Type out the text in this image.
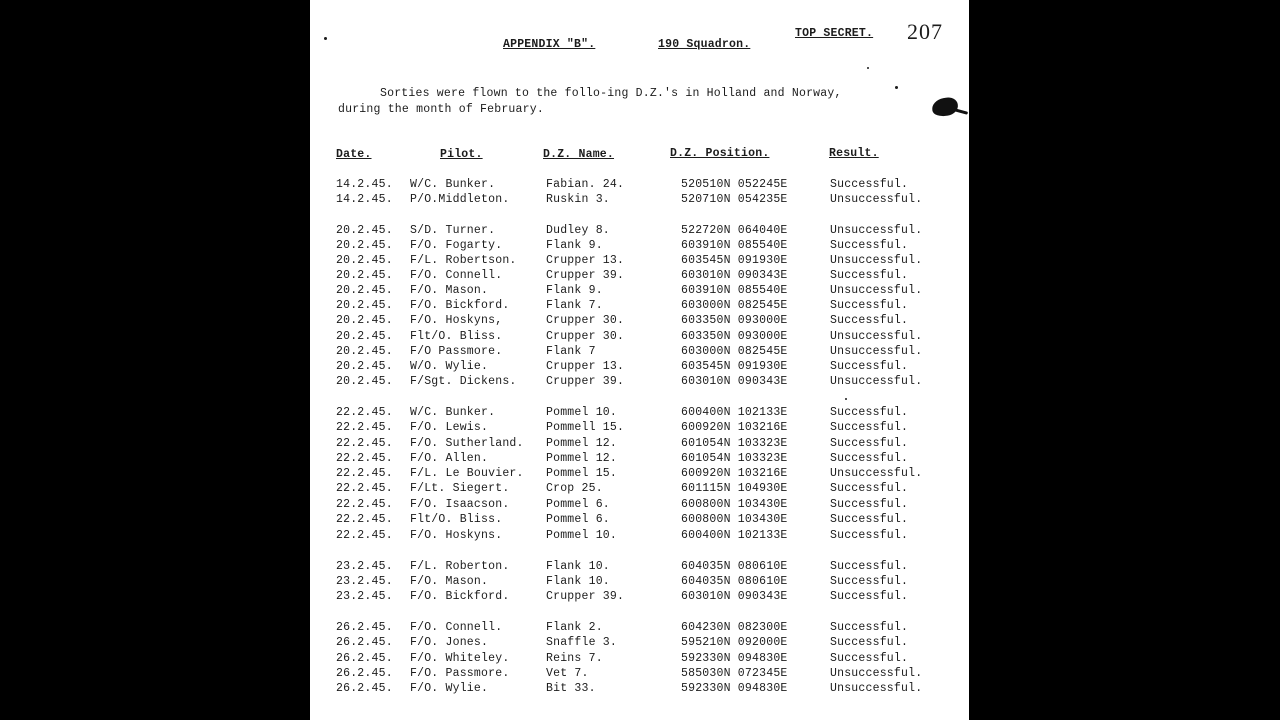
APPENDIX "B".	190 Squadron.
TOP SECRET. 207
Sorties were flown to the follo-ing D.Z.'s in Holland and Norway,
during the month of February.
Date.	Pilot.	D.Z. Name.	D.Z. Position.	Result.
14.2.45. W/C. Bunker.	Fabian. 24.	520510N 052245E	Successful.
14.2.45. P/O.Middleton.	Ruskin 3.	520710N 054235E	Unsuccessful.
20.2.45. S/D. Turner.	Dudley 8.	522720N 064040E	Unsuccessful.
20.2.45. F/O. Fogarty.	Flank 9.	603910N 085540E	Successful.
20.2.45. F/L. Robertson.	Crupper 13.	603545N 091930E	Unsuccessful.
20.2.45. F/O. Connell.	Crupper 39.	603010N 090343E	Successful.
20.2.45. F/O. Mason.	Flank 9.	603910N 085540E	Unsuccessful.
20.2.45. F/O. Bickford.	Flank 7.	603000N 082545E	Successful.
20.2.45. F/O. Hoskyns,	Crupper 30.	603350N 093000E	Successful.
20.2.45. Flt/O. Bliss.	Crupper 30.	603350N 093000E	Unsuccessful.
20.2.45. F/O Passmore.	Flank 7	603000N 082545E	Unsuccessful.
20.2.45. W/O. Wylie.	Crupper 13.	603545N 091930E	Successful.
20.2.45. F/Sgt. Dickens.	Crupper 39.	603010N 090343E	Unsuccessful.
22.2.45. W/C. Bunker.	Pommel 10.	600400N 102133E	Successful.
22.2.45. F/O. Lewis.	Pommell 15.	600920N 103216E	Successful.
22.2.45. F/O. Sutherland. Pommel 12.	601054N 103323E	Successful.
22.2.45. F/O. Allen.	Pommel 12.	601054N 103323E	Successful.
22.2.45. F/L. Le Bouvier. Pommel 15.	600920N 103216E	Unsuccessful.
22.2.45. F/Lt. Siegert.	Crop 25.	601115N 104930E	Successful.
22.2.45. F/O. Isaacson.	Pommel 6.	600800N 103430E	Successful.
22.2.45. Flt/O. Bliss.	Pommel 6.	600800N 103430E	Successful.
22.2.45. F/O. Hoskyns.	Pommel 10.	600400N 102133E	Successful.
23.2.45. F/L. Roberton.	Flank 10.	604035N 080610E	Successful.
23.2.45. F/O. Mason.	Flank 10.	604035N 080610E	Successful.
23.2.45. F/O. Bickford.	Crupper 39.	603010N 090343E	Successful.
26.2.45. F/O. Connell.	Flank 2.	604230N 082300E	Successful.
26.2.45. F/O. Jones.	Snaffle 3.	595210N 092000E	Successful.
26.2.45. F/O. Whiteley.	Reins 7.	592330N 094830E	Successful.
26.2.45. F/O. Passmore.	Vet 7.	585030N 072345E	Unsuccessful.
26.2.45. F/O. Wylie.	Bit 33.	592330N 094830E	Unsuccessful.
